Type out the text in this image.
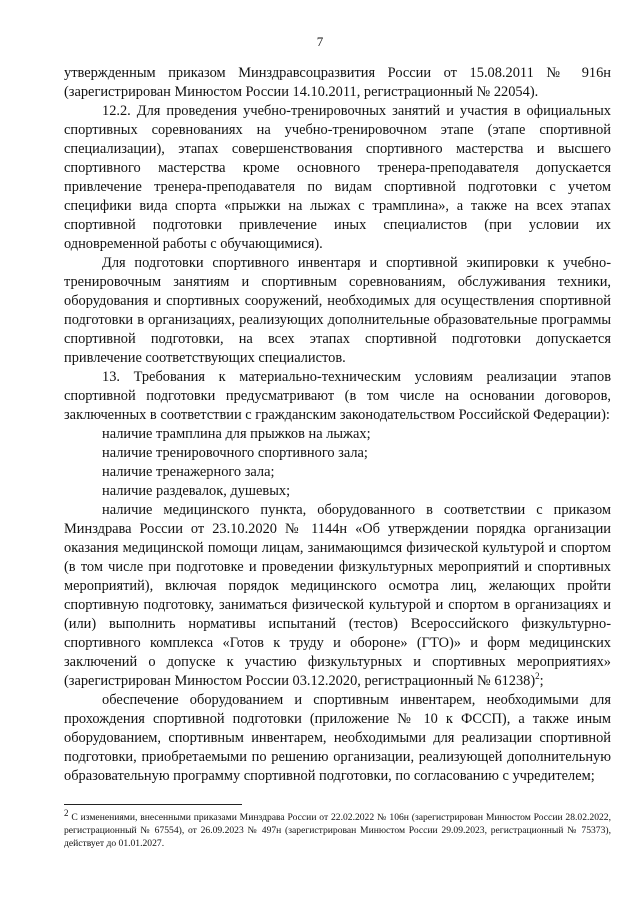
7

утвержденным приказом Минздравсоцразвития России от 15.08.2011 № 916н (зарегистрирован Минюстом России 14.10.2011, регистрационный № 22054).

12.2. Для проведения учебно-тренировочных занятий и участия в официальных спортивных соревнованиях на учебно-тренировочном этапе (этапе спортивной специализации), этапах совершенствования спортивного мастерства и высшего спортивного мастерства кроме основного тренера-преподавателя допускается привлечение тренера-преподавателя по видам спортивной подготовки с учетом специфики вида спорта «прыжки на лыжах с трамплина», а также на всех этапах спортивной подготовки привлечение иных специалистов (при условии их одновременной работы с обучающимися).

Для подготовки спортивного инвентаря и спортивной экипировки к учебно-тренировочным занятиям и спортивным соревнованиям, обслуживания техники, оборудования и спортивных сооружений, необходимых для осуществления спортивной подготовки в организациях, реализующих дополнительные образовательные программы спортивной подготовки, на всех этапах спортивной подготовки допускается привлечение соответствующих специалистов.

13. Требования к материально-техническим условиям реализации этапов спортивной подготовки предусматривают (в том числе на основании договоров, заключенных в соответствии с гражданским законодательством Российской Федерации):

наличие трамплина для прыжков на лыжах;

наличие тренировочного спортивного зала;

наличие тренажерного зала;

наличие раздевалок, душевых;

наличие медицинского пункта, оборудованного в соответствии с приказом Минздрава России от 23.10.2020 № 1144н «Об утверждении порядка организации оказания медицинской помощи лицам, занимающимся физической культурой и спортом (в том числе при подготовке и проведении физкультурных мероприятий и спортивных мероприятий), включая порядок медицинского осмотра лиц, желающих пройти спортивную подготовку, заниматься физической культурой и спортом в организациях и (или) выполнить нормативы испытаний (тестов) Всероссийского физкультурно-спортивного комплекса «Готов к труду и обороне» (ГТО)» и форм медицинских заключений о допуске к участию физкультурных и спортивных мероприятиях» (зарегистрирован Минюстом России 03.12.2020, регистрационный № 61238)$^2$;

обеспечение оборудованием и спортивным инвентарем, необходимыми для прохождения спортивной подготовки (приложение № 10 к ФССП), а также иным оборудованием, спортивным инвентарем, необходимыми для реализации спортивной подготовки, приобретаемыми по решению организации, реализующей дополнительную образовательную программу спортивной подготовки, по согласованию с учредителем;

$^2$ С изменениями, внесенными приказами Минздрава России от 22.02.2022 № 106н (зарегистрирован Минюстом России 28.02.2022, регистрационный № 67554), от 26.09.2023 № 497н (зарегистрирован Минюстом России 29.09.2023, регистрационный № 75373), действует до 01.01.2027.
